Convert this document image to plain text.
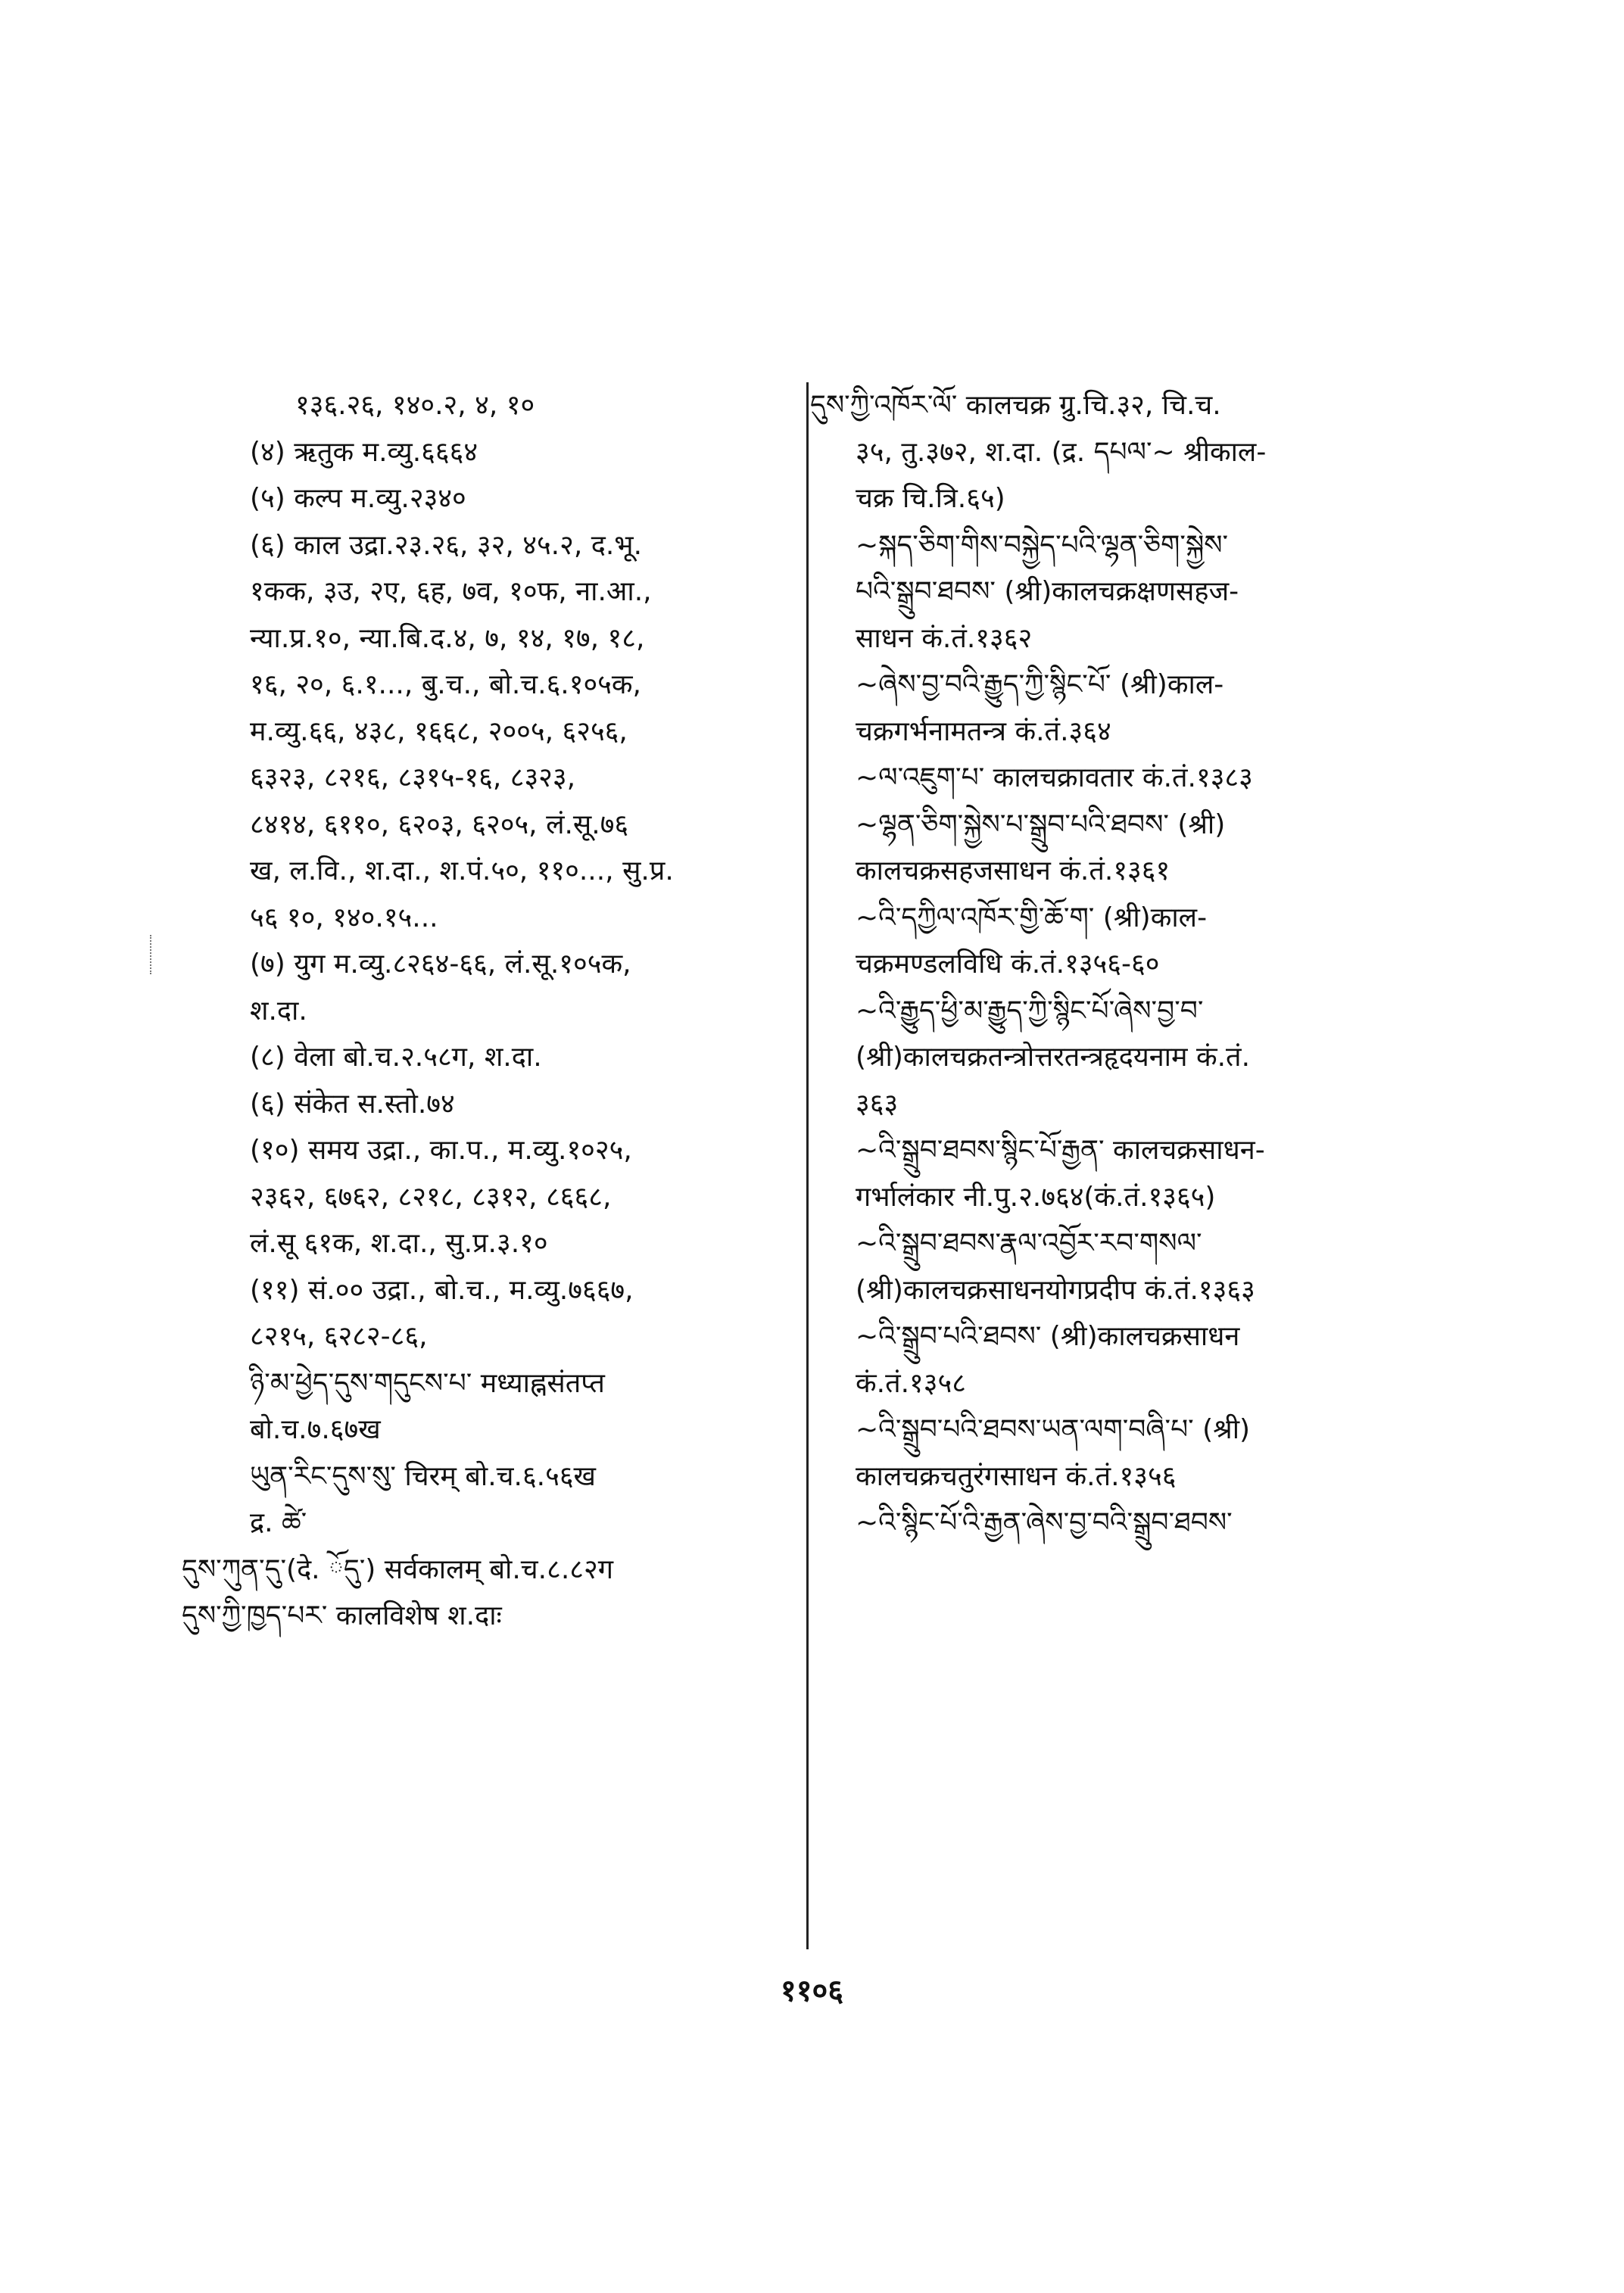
१३६.२६, १४०.२, ४, १०
(४) ऋतुक म.व्यु.६६६४
(५) कल्प म.व्यु.२३४०
(६) काल उद्रा.२३.२६, ३२, ४५.२, द.भू.
१कक, ३उ, २ए, ६ह, ७व, १०फ, ना.आ.,
न्या.प्र.१०, न्या.बि.द.४, ७, १४, १७, १८,
१६, २०, ६.१..., बु.च., बो.च.६.१०५क,
म.व्यु.६६, ४३८, १६६८, २००५, ६२५६,
६३२३, ८२१६, ८३१५-१६, ८३२३,
८४१४, ६११०, ६२०३, ६२०५, लं.सू.७६
ख, ल.वि., श.दा., श.पं.५०, ११०..., सु.प्र.
५६ १०, १४०.१५...
(७) युग म.व्यु.८२६४-६६, लं.सू.१०५क,
श.दा.
(८) वेला बो.च.२.५८ग, श.दा.
(६) संकेत स.स्तो.७४
(१०) समय उद्रा., का.प., म.व्यु.१०२५,
२३६२, ६७६२, ८२१८, ८३१२, ८६६८,
लं.सू ६१क, श.दा., सु.प्र.३.१०
(११) सं.०० उद्रा., बो.च., म.व्यु.७६६७,
८२१५, ६२८२-८६,
ཉི་མ་ཕྱེད་དུས་གདུངས་པ་ मध्याह्नसंतप्त
बो.च.७.६७ख
ཡུན་རིང་དུས་སུ་ चिरम् बो.च.६.५६ख
द्र. ཚེ་
དུས་ཀུན་དུ་(दे. ོདུ་) सर्वकालम् बो.च.८.८२ग
དུས་ཀྱི་ཁྱད་པར་ कालविशेष श.दाः
དུས་ཀྱི་འཁོར་ལོ་ कालचक्र ग्रु.चि.३२, चि.च.
३५, तु.३७२, श.दा. (द्र. དཔལ་~ श्रीकाल-
चक्र चि.त्रि.६५)
~སྐད་ཅིག་གིས་བསྐྱེད་པའི་ལྷན་ཅིག་སྐྱེས་
པའི་སྒྲུབ་ཐབས་ (श्री)कालचक्रक्षणसहज-
साधन कं.तं.१३६२
~ཞེས་བྱ་བའི་རྒྱུད་ཀྱི་སྙིང་པོ་ (श्री)काल-
चक्रगर्भनामतन्त्र कं.तं.३६४
~ལ་འཇུག་པ་ कालचक्रावतार कं.तं.१३८३
~ལྷན་ཅིག་སྐྱེས་པ་སྒྲུབ་པའི་ཐབས་ (श्री)
कालचक्रसहजसाधन कं.तं.१३६१
~འི་དཀྱིལ་འཁོར་གྱི་ཆོ་ག་ (श्री)काल-
चक्रमण्डलविधि कं.तं.१३५६-६०
~འི་རྒྱུད་ཕྱི་མ་རྒྱུད་ཀྱི་སྙིང་པོ་ཞེས་བྱ་བ་
(श्री)कालचक्रतन्त्रोत्तरतन्त्रहृदयनाम कं.तं.
३६३
~འི་སྒྲུབ་ཐབས་སྙིང་པོ་རྒྱན་ कालचक्रसाधन-
गर्भालंकार नी.पु.२.७६४(कं.तं.१३६५)
~འི་སྒྲུབ་ཐབས་རྣལ་འབྱོར་རབ་གསལ་
(श्री)कालचक्रसाधनयोगप्रदीप कं.तं.१३६३
~འི་སྒྲུབ་པའི་ཐབས་ (श्री)कालचक्रसाधन
कं.तं.१३५८
~འི་སྒྲུབ་པའི་ཐབས་ཡན་ལག་བཞི་པ་ (श्री)
कालचक्रचतुरंगसाधन कं.तं.१३५६
~འི་སྙིང་པོ་འི་རྒྱན་ཞེས་བྱ་བའི་སྒྲུབ་ཐབས་
११०६
